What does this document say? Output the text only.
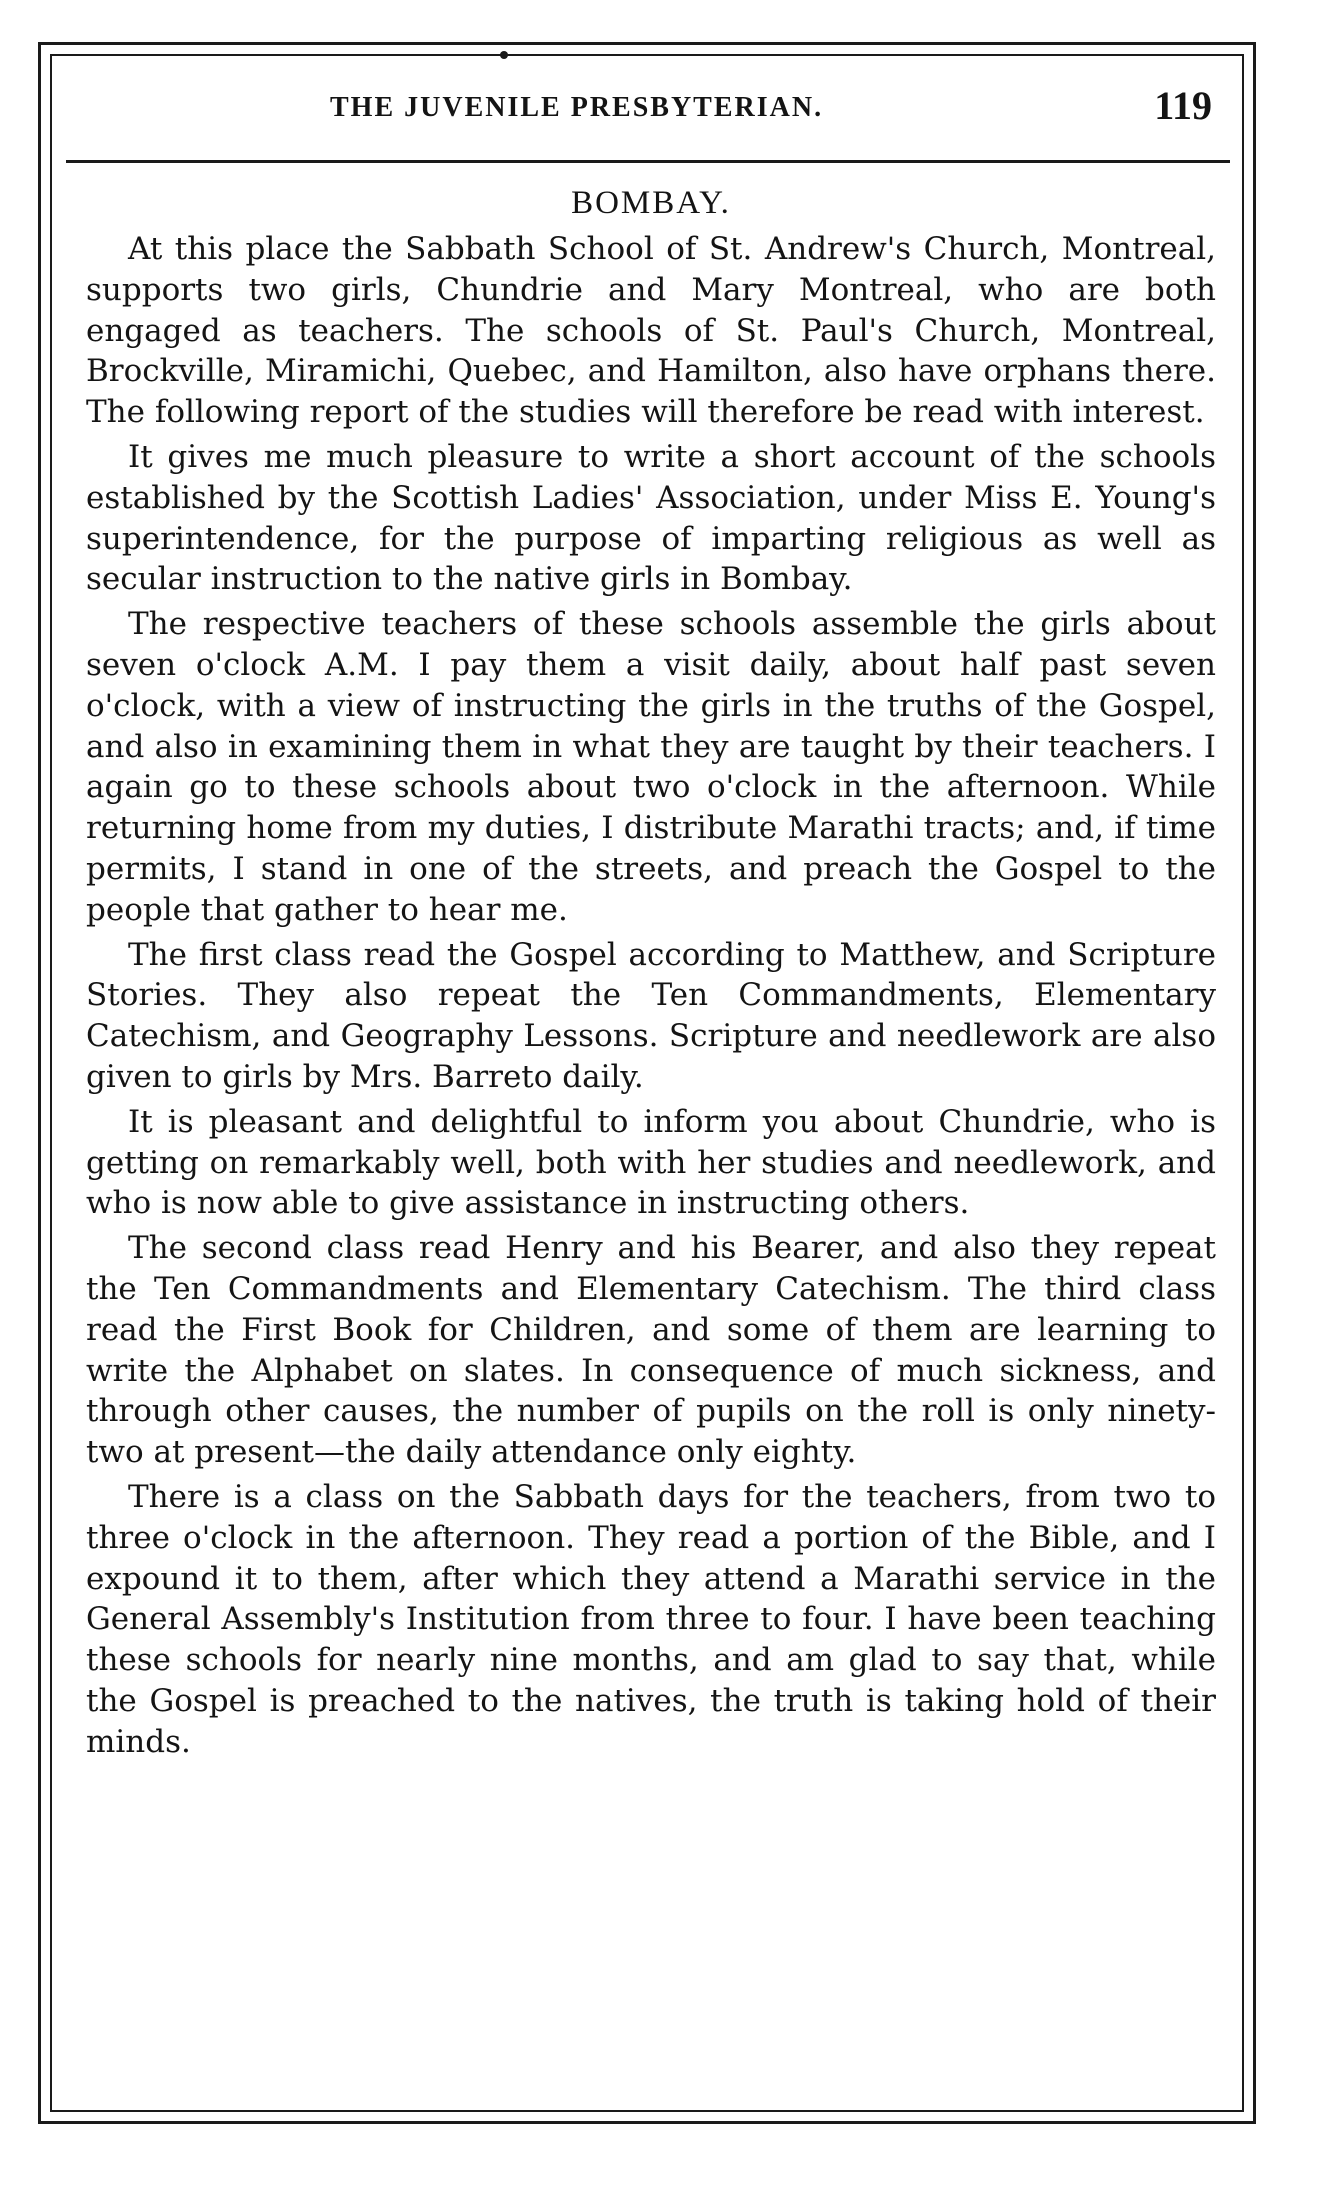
THE JUVENILE PRESBYTERIAN.	119
BOMBAY.

At this place the Sabbath School of St. Andrew's Church, Montreal, supports two girls, Chundrie and Mary Montreal, who are both engaged as teachers. The schools of St. Paul's Church, Montreal, Brockville, Miramichi, Quebec, and Hamilton, also have orphans there. The following report of the studies will therefore be read with interest.

It gives me much pleasure to write a short account of the schools established by the Scottish Ladies' Association, under Miss E. Young's superintendence, for the purpose of imparting religious as well as secular instruction to the native girls in Bombay.

The respective teachers of these schools assemble the girls about seven o'clock A.M. I pay them a visit daily, about half past seven o'clock, with a view of instructing the girls in the truths of the Gospel, and also in examining them in what they are taught by their teachers. I again go to these schools about two o'clock in the afternoon. While returning home from my duties, I distribute Marathi tracts; and, if time permits, I stand in one of the streets, and preach the Gospel to the people that gather to hear me.

The first class read the Gospel according to Matthew, and Scripture Stories. They also repeat the Ten Commandments, Elementary Catechism, and Geography Lessons. Scripture and needlework are also given to girls by Mrs. Barreto daily.

It is pleasant and delightful to inform you about Chundrie, who is getting on remarkably well, both with her studies and needlework, and who is now able to give assistance in instructing others.

The second class read Henry and his Bearer, and also they repeat the Ten Commandments and Elementary Catechism. The third class read the First Book for Children, and some of them are learning to write the Alphabet on slates. In consequence of much sickness, and through other causes, the number of pupils on the roll is only ninety-two at present—the daily attendance only eighty.

There is a class on the Sabbath days for the teachers, from two to three o'clock in the afternoon. They read a portion of the Bible, and I expound it to them, after which they attend a Marathi service in the General Assembly's Institution from three to four. I have been teaching these schools for nearly nine months, and am glad to say that, while the Gospel is preached to the natives, the truth is taking hold of their minds.
